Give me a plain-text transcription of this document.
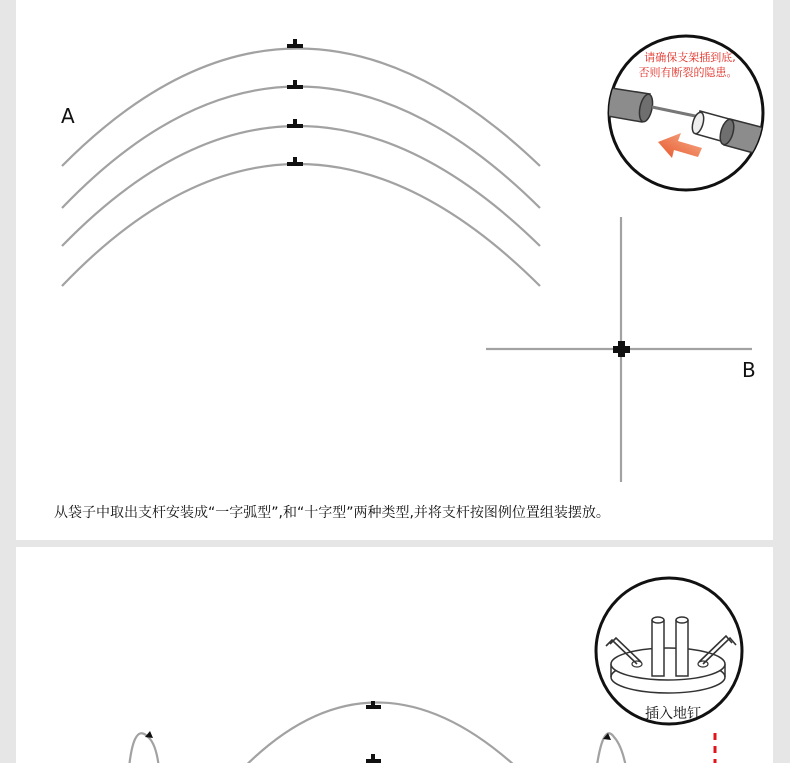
A
B
请确保支架插到底,
否则有断裂的隐患。
插入地钉
从袋子中取出支杆安装成“一字弧型”,和“十字型”两种类型,并将支杆按图例位置组装摆放。
